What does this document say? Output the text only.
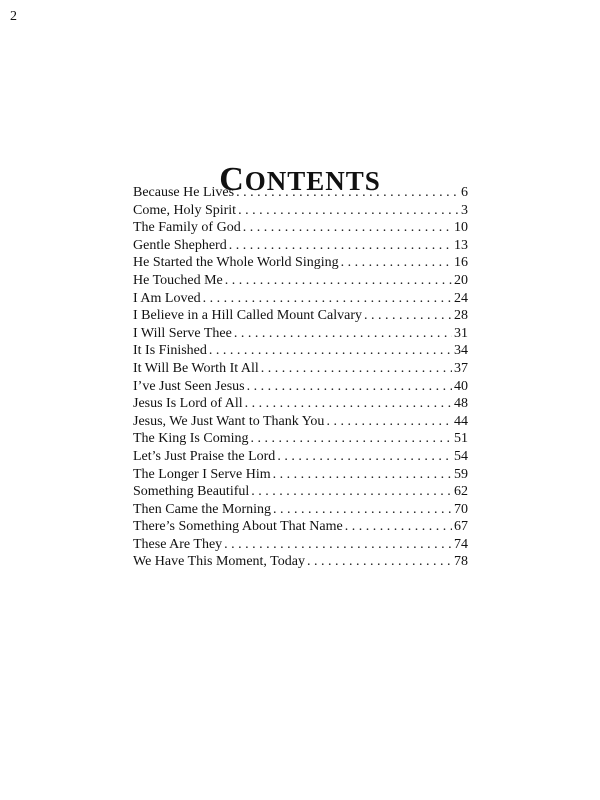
2
CONTENTS
Because He Lives . . .	6
Come, Holy Spirit . . .	3
The Family of God . . .	10
Gentle Shepherd . . .	13
He Started the Whole World Singing . . .	16
He Touched Me . . .	20
I Am Loved . . .	24
I Believe in a Hill Called Mount Calvary . . .	28
I Will Serve Thee . . .	31
It Is Finished . . .	34
It Will Be Worth It All . . .	37
I’ve Just Seen Jesus . . .	40
Jesus Is Lord of All . . .	48
Jesus, We Just Want to Thank You . . .	44
The King Is Coming . . .	51
Let’s Just Praise the Lord . . .	54
The Longer I Serve Him . . .	59
Something Beautiful . . .	62
Then Came the Morning . . .	70
There’s Something About That Name . . .	67
These Are They . . .	74
We Have This Moment, Today . . .	78
